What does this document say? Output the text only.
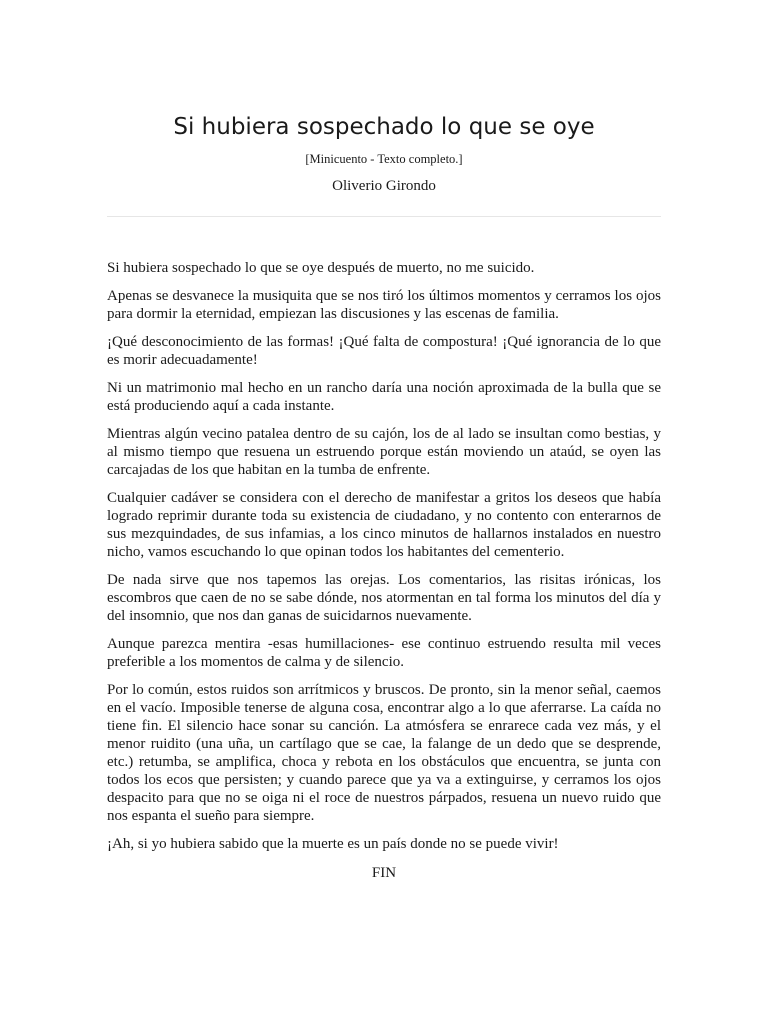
Si hubiera sospechado lo que se oye
[Minicuento - Texto completo.]
Oliverio Girondo

Si hubiera sospechado lo que se oye después de muerto, no me suicido.

Apenas se desvanece la musiquita que se nos tiró los últimos momentos y cerramos los ojos para dormir la eternidad, empiezan las discusiones y las escenas de familia.

¡Qué desconocimiento de las formas! ¡Qué falta de compostura! ¡Qué ignorancia de lo que es morir adecuadamente!

Ni un matrimonio mal hecho en un rancho daría una noción aproximada de la bulla que se está produciendo aquí a cada instante.

Mientras algún vecino patalea dentro de su cajón, los de al lado se insultan como bestias, y al mismo tiempo que resuena un estruendo porque están moviendo un ataúd, se oyen las carcajadas de los que habitan en la tumba de enfrente.

Cualquier cadáver se considera con el derecho de manifestar a gritos los deseos que había logrado reprimir durante toda su existencia de ciudadano, y no contento con enterarnos de sus mezquindades, de sus infamias, a los cinco minutos de hallarnos instalados en nuestro nicho, vamos escuchando lo que opinan todos los habitantes del cementerio.

De nada sirve que nos tapemos las orejas. Los comentarios, las risitas irónicas, los escombros que caen de no se sabe dónde, nos atormentan en tal forma los minutos del día y del insomnio, que nos dan ganas de suicidarnos nuevamente.

Aunque parezca mentira -esas humillaciones- ese continuo estruendo resulta mil veces preferible a los momentos de calma y de silencio.

Por lo común, estos ruidos son arrítmicos y bruscos. De pronto, sin la menor señal, caemos en el vacío. Imposible tenerse de alguna cosa, encontrar algo a lo que aferrarse. La caída no tiene fin. El silencio hace sonar su canción. La atmósfera se enrarece cada vez más, y el menor ruidito (una uña, un cartílago que se cae, la falange de un dedo que se desprende, etc.) retumba, se amplifica, choca y rebota en los obstáculos que encuentra, se junta con todos los ecos que persisten; y cuando parece que ya va a extinguirse, y cerramos los ojos despacito para que no se oiga ni el roce de nuestros párpados, resuena un nuevo ruido que nos espanta el sueño para siempre.

¡Ah, si yo hubiera sabido que la muerte es un país donde no se puede vivir!

FIN
